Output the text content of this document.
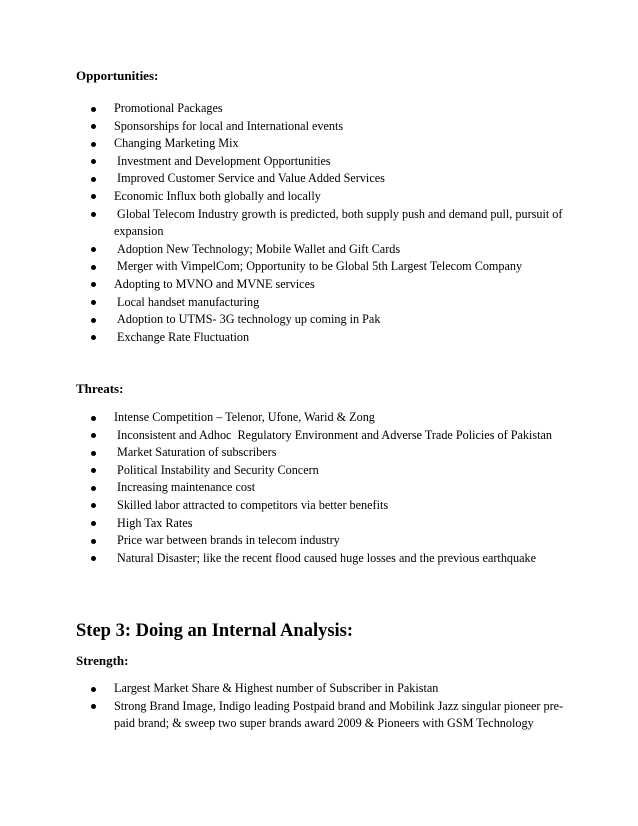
Opportunities:
Promotional Packages
Sponsorships for local and International events
Changing Marketing Mix
Investment and Development Opportunities
Improved Customer Service and Value Added Services
Economic Influx both globally and locally
Global Telecom Industry growth is predicted, both supply push and demand pull, pursuit of expansion
Adoption New Technology; Mobile Wallet and Gift Cards
Merger with VimpelCom; Opportunity to be Global 5th Largest Telecom Company
Adopting to MVNO and MVNE services
Local handset manufacturing
Adoption to UTMS- 3G technology up coming in Pak
Exchange Rate Fluctuation
Threats:
Intense Competition – Telenor, Ufone, Warid & Zong
Inconsistent and Adhoc  Regulatory Environment and Adverse Trade Policies of Pakistan
Market Saturation of subscribers
Political Instability and Security Concern
Increasing maintenance cost
Skilled labor attracted to competitors via better benefits
High Tax Rates
Price war between brands in telecom industry
Natural Disaster; like the recent flood caused huge losses and the previous earthquake
Step 3: Doing an Internal Analysis:
Strength:
Largest Market Share & Highest number of Subscriber in Pakistan
Strong Brand Image, Indigo leading Postpaid brand and Mobilink Jazz singular pioneer pre-paid brand; & sweep two super brands award 2009 & Pioneers with GSM Technology
